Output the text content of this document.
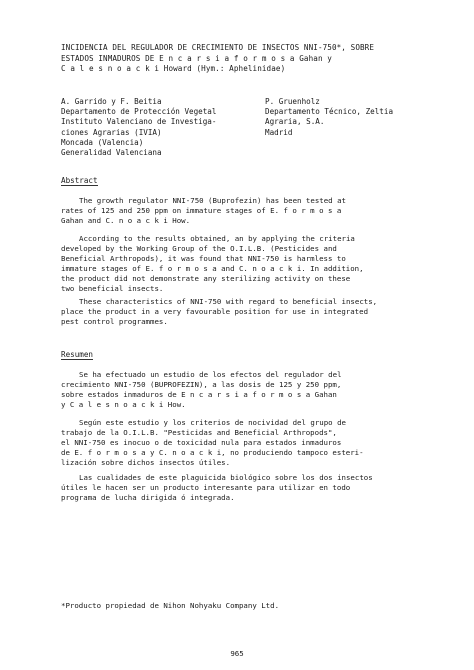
INCIDENCIA DEL REGULADOR DE CRECIMIENTO DE INSECTOS NNI-750*, SOBRE
ESTADOS INMADUROS DE E n c a r s i a f o r m o s a Gahan y
C a l e s n o a c k i Howard (Hym.: Aphelinidae)
A. Garrido y F. Beitia
Departamento de Protección Vegetal
Instituto Valenciano de Investiga-
ciones Agrarias (IVIA)
Moncada (Valencia)
Generalidad Valenciana
P. Gruenholz
Departamento Técnico, Zeltia
Agraria, S.A.
Madrid
Abstract
The growth regulator NNI-750 (Buprofezin) has been tested at
rates of 125 and 250 ppm on immature stages of E. f o r m o s a
Gahan and C. n o a c k i How.
According to the results obtained, an by applying the criteria
developed by the Working Group of the O.I.L.B. (Pesticides and
Beneficial Arthropods), it was found that NNI-750 is harmless to
immature stages of E. f o r m o s a and C. n o a c k i. In addition,
the product did not demonstrate any sterilizing activity on these
two beneficial insects.
These characteristics of NNI-750 with regard to beneficial insects,
place the product in a very favourable position for use in integrated
pest control programmes.
Resumen
Se ha efectuado un estudio de los efectos del regulador del
crecimiento NNI-750 (BUPROFEZIN), a las dosis de 125 y 250 ppm,
sobre estados inmaduros de E n c a r s i a f o r m o s a Gahan
y C a l e s n o a c k i How.
Según este estudio y los criterios de nocividad del grupo de
trabajo de la O.I.L.B. "Pesticidas and Beneficial Arthropods",
el NNI-750 es inocuo o de toxicidad nula para estados inmaduros
de E. f o r m o s a y C. n o a c k i, no produciendo tampoco esteri-
lización sobre dichos insectos útiles.
Las cualidades de este plaguicida biológico sobre los dos insectos
útiles le hacen ser un producto interesante para utilizar en todo
programa de lucha dirigida ó integrada.
*Producto propiedad de Nihon Nohyaku Company Ltd.
965
